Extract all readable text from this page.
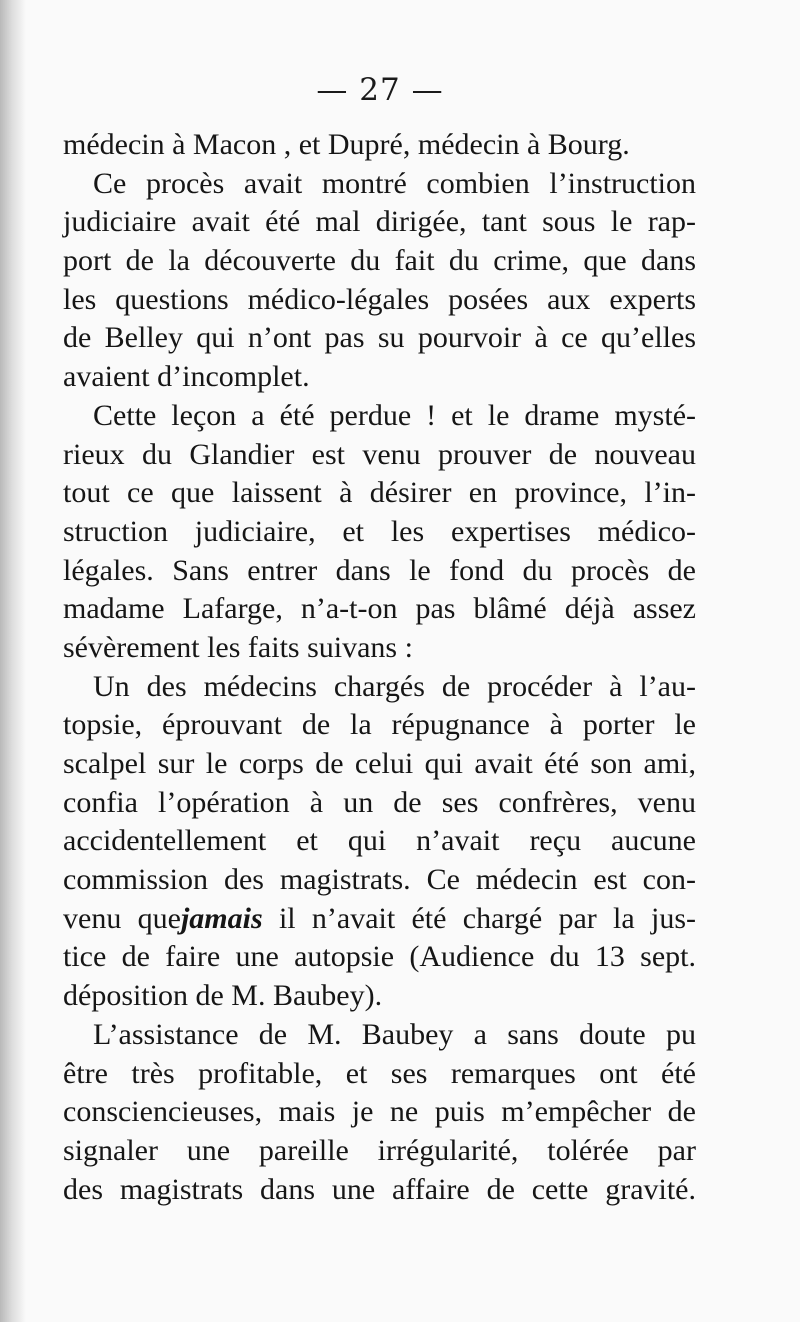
— 27 —
médecin à Macon , et Dupré, médecin à Bourg.
Ce procès avait montré combien l’instruction
judiciaire avait été mal dirigée, tant sous le rap-
port de la découverte du fait du crime, que dans
les questions médico-légales posées aux experts
de Belley qui n’ont pas su pourvoir à ce qu’elles
avaient d’incomplet.
Cette leçon a été perdue ! et le drame mysté-
rieux du Glandier est venu prouver de nouveau
tout ce que laissent à désirer en province, l’in-
struction judiciaire, et les expertises médico-
légales. Sans entrer dans le fond du procès de
madame Lafarge, n’a-t-on pas blâmé déjà assez
sévèrement les faits suivans :
Un des médecins chargés de procéder à l’au-
topsie, éprouvant de la répugnance à porter le
scalpel sur le corps de celui qui avait été son ami,
confia l’opération à un de ses confrères, venu
accidentellement et qui n’avait reçu aucune
commission des magistrats. Ce médecin est con-
venu quejamais il n’avait été chargé par la jus-
tice de faire une autopsie (Audience du 13 sept.
déposition de M. Baubey).
L’assistance de M. Baubey a sans doute pu
être très profitable, et ses remarques ont été
consciencieuses, mais je ne puis m’empêcher de
signaler une pareille irrégularité, tolérée par
des magistrats dans une affaire de cette gravité.
